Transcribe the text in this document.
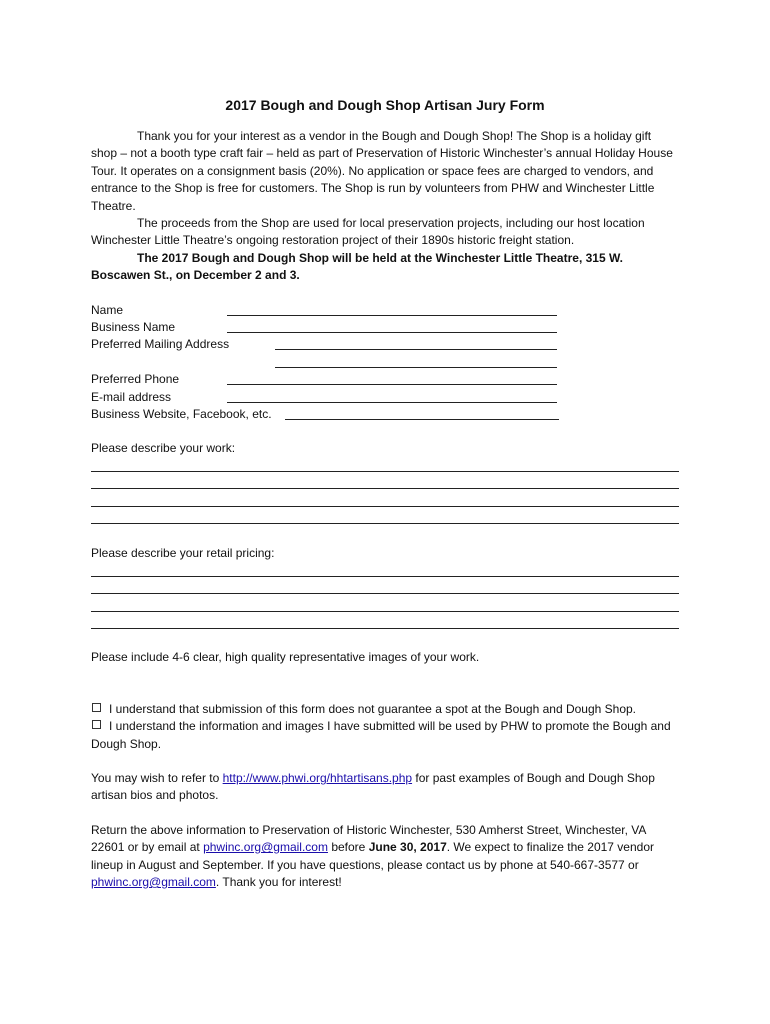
2017 Bough and Dough Shop Artisan Jury Form

Thank you for your interest as a vendor in the Bough and Dough Shop! The Shop is a holiday gift shop – not a booth type craft fair – held as part of Preservation of Historic Winchester’s annual Holiday House Tour. It operates on a consignment basis (20%). No application or space fees are charged to vendors, and entrance to the Shop is free for customers. The Shop is run by volunteers from PHW and Winchester Little Theatre.

The proceeds from the Shop are used for local preservation projects, including our host location Winchester Little Theatre’s ongoing restoration project of their 1890s historic freight station.

The 2017 Bough and Dough Shop will be held at the Winchester Little Theatre, 315 W. Boscawen St., on December 2 and 3.

Name
Business Name
Preferred Mailing Address
Preferred Phone
E-mail address
Business Website, Facebook, etc.

Please describe your work:

Please describe your retail pricing:

Please include 4-6 clear, high quality representative images of your work.

I understand that submission of this form does not guarantee a spot at the Bough and Dough Shop.

I understand the information and images I have submitted will be used by PHW to promote the Bough and Dough Shop.

You may wish to refer to http://www.phwi.org/hhtartisans.php for past examples of Bough and Dough Shop artisan bios and photos.

Return the above information to Preservation of Historic Winchester, 530 Amherst Street, Winchester, VA 22601 or by email at phwinc.org@gmail.com before June 30, 2017. We expect to finalize the 2017 vendor lineup in August and September. If you have questions, please contact us by phone at 540-667-3577 or phwinc.org@gmail.com. Thank you for interest!
